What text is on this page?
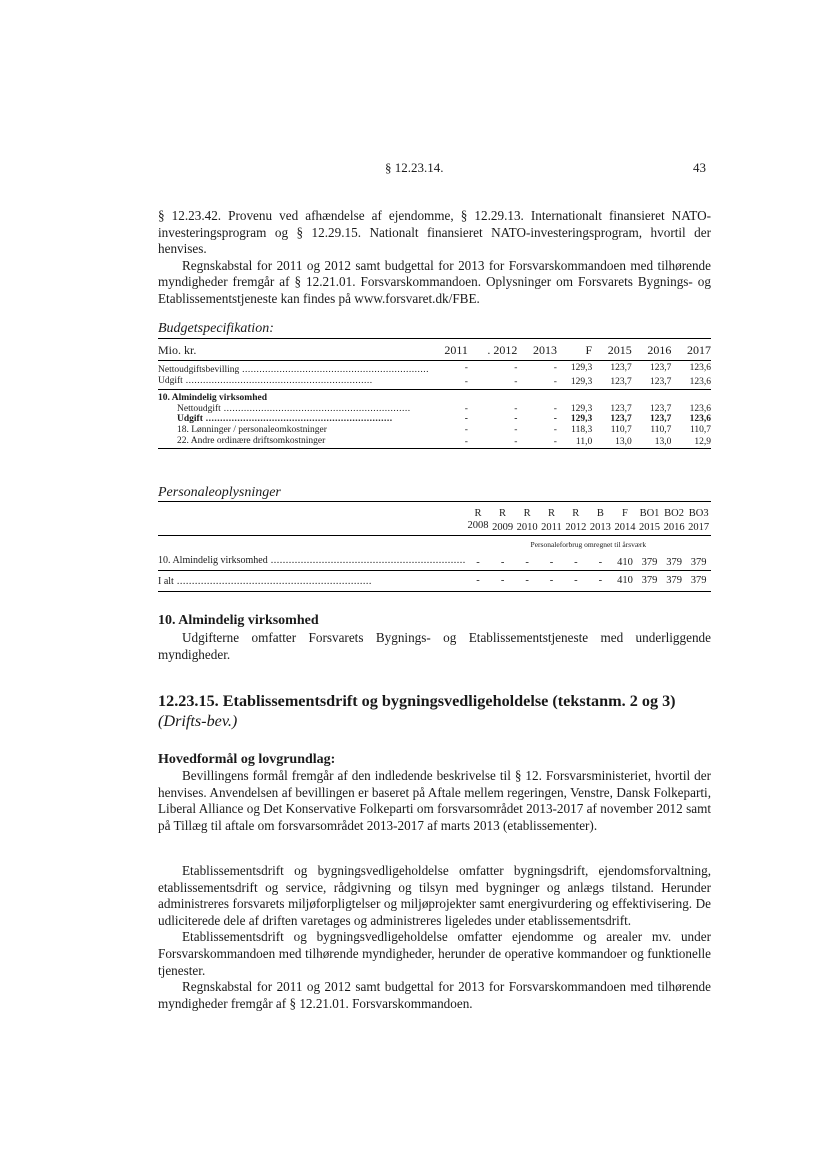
§ 12.23.14.	43

§ 12.23.42. Provenu ved afhændelse af ejendomme, § 12.29.13. Internationalt finansieret NATO-investeringsprogram og § 12.29.15. Nationalt finansieret NATO-investeringsprogram, hvortil der henvises.

Regnskabstal for 2011 og 2012 samt budgettal for 2013 for Forsvarskommandoen med tilhørende myndigheder fremgår af § 12.21.01. Forsvarskommandoen. Oplysninger om Forsvarets Bygnings- og Etablissementstjeneste kan findes på www.forsvaret.dk/FBE.

Budgetspecifikation:

Mio. kr.	2011	. 2012	2013	F	2015	2016	2017
Nettoudgiftsbevilling .....	-	-	-	129,3	123,7	123,7	123,6
Udgift .....	-	-	-	129,3	123,7	123,7	123,6
10. Almindelig virksomhed							
Nettoudgift .....	-	-	-	129,3	123,7	123,7	123,6
Udgift .....	-	-	-	129,3	123,7	123,7	123,6
18. Lønninger / personaleomkostninger	-	-	-	118,3	110,7	110,7	110,7
22. Andre ordinære driftsomkostninger	-	-	-	11,0	13,0	13,0	12,9
Personaleoplysninger

	R	R	R	R	R	B	F	BO1	BO2	BO3
	2008	2009	2010	2011	2012	2013	2014	2015	2016	2017
	Personaleforbrug omregnet til årsværk									
10. Almindelig virksomhed .....	-	-	-	-	-	-	410	379	379	379
I alt .....	-	-	-	-	-	-	410	379	379	379
10. Almindelig virksomhed

Udgifterne omfatter Forsvarets Bygnings- og Etablissementstjeneste med underliggende myndigheder.

12.23.15. Etablissementsdrift og bygningsvedligeholdelse (tekstanm. 2 og 3) (Drifts-bev.)
Hovedformål og lovgrundlag:

Bevillingens formål fremgår af den indledende beskrivelse til § 12. Forsvarsministeriet, hvortil der henvises. Anvendelsen af bevillingen er baseret på Aftale mellem regeringen, Venstre, Dansk Folkeparti, Liberal Alliance og Det Konservative Folkeparti om forsvarsområdet 2013-2017 af november 2012 samt på Tillæg til aftale om forsvarsområdet 2013-2017 af marts 2013 (etablissementer).

Etablissementsdrift og bygningsvedligeholdelse omfatter bygningsdrift, ejendomsforvaltning, etablissementsdrift og service, rådgivning og tilsyn med bygninger og anlægs tilstand. Herunder administreres forsvarets miljøforpligtelser og miljøprojekter samt energivurdering og effektivisering. De udliciterede dele af driften varetages og administreres ligeledes under etablissementsdrift.

Etablissementsdrift og bygningsvedligeholdelse omfatter ejendomme og arealer mv. under Forsvarskommandoen med tilhørende myndigheder, herunder de operative kommandoer og funktionelle tjenester.

Regnskabstal for 2011 og 2012 samt budgettal for 2013 for Forsvarskommandoen med tilhørende myndigheder fremgår af § 12.21.01. Forsvarskommandoen.
